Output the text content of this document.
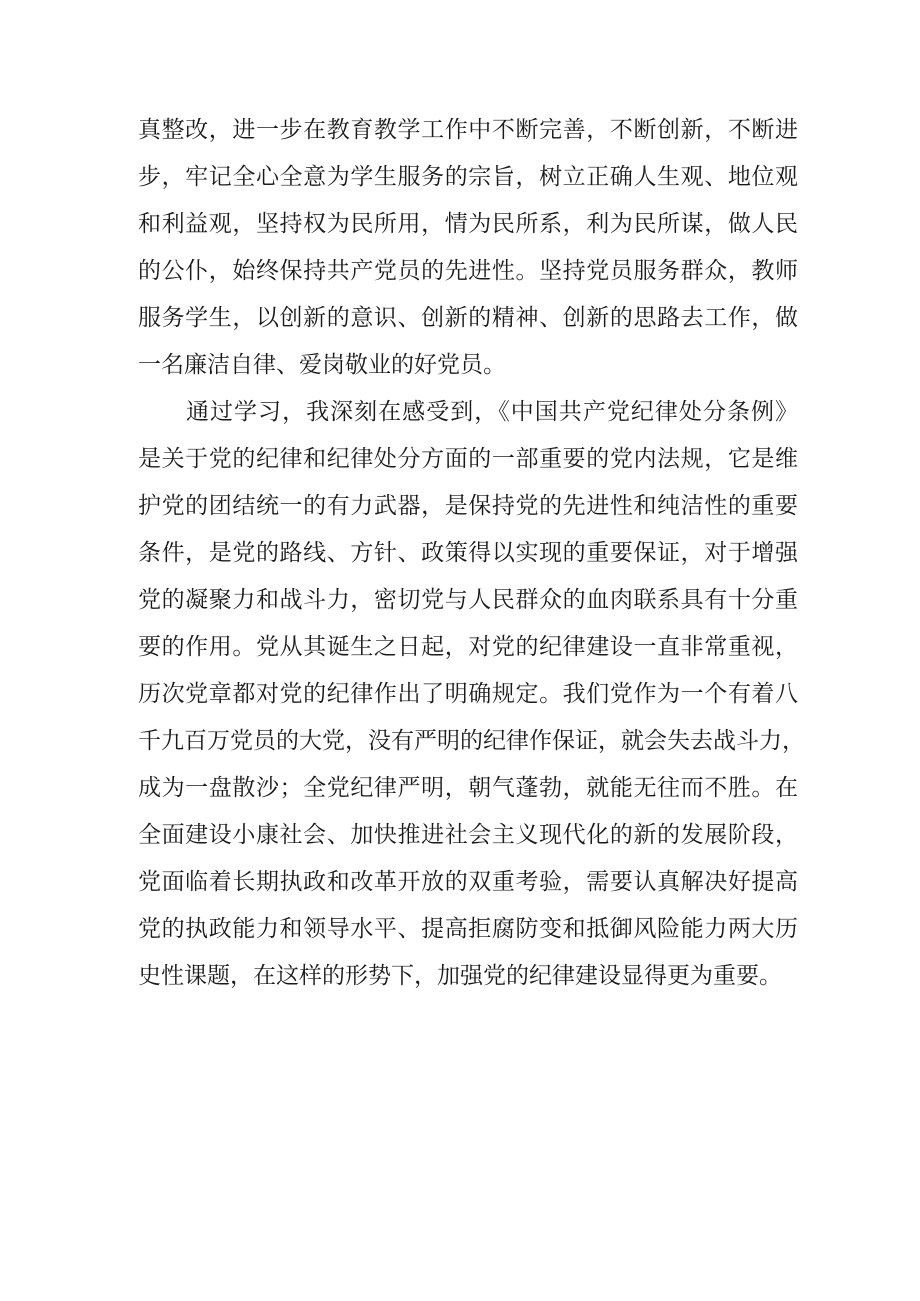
真整改，进一步在教育教学工作中不断完善，不断创新，不断进

步，牢记全心全意为学生服务的宗旨，树立正确人生观、地位观

和利益观，坚持权为民所用，情为民所系，利为民所谋，做人民

的公仆，始终保持共产党员的先进性。坚持党员服务群众，教师

服务学生，以创新的意识、创新的精神、创新的思路去工作，做

一名廉洁自律、爱岗敬业的好党员。

通过学习，我深刻在感受到，《中国共产党纪律处分条例》

是关于党的纪律和纪律处分方面的一部重要的党内法规，它是维

护党的团结统一的有力武器，是保持党的先进性和纯洁性的重要

条件，是党的路线、方针、政策得以实现的重要保证，对于增强

党的凝聚力和战斗力，密切党与人民群众的血肉联系具有十分重

要的作用。党从其诞生之日起，对党的纪律建设一直非常重视，

历次党章都对党的纪律作出了明确规定。我们党作为一个有着八

千九百万党员的大党，没有严明的纪律作保证，就会失去战斗力，

成为一盘散沙；全党纪律严明，朝气蓬勃，就能无往而不胜。在

全面建设小康社会、加快推进社会主义现代化的新的发展阶段，

党面临着长期执政和改革开放的双重考验，需要认真解决好提高

党的执政能力和领导水平、提高拒腐防变和抵御风险能力两大历

史性课题，在这样的形势下，加强党的纪律建设显得更为重要。
